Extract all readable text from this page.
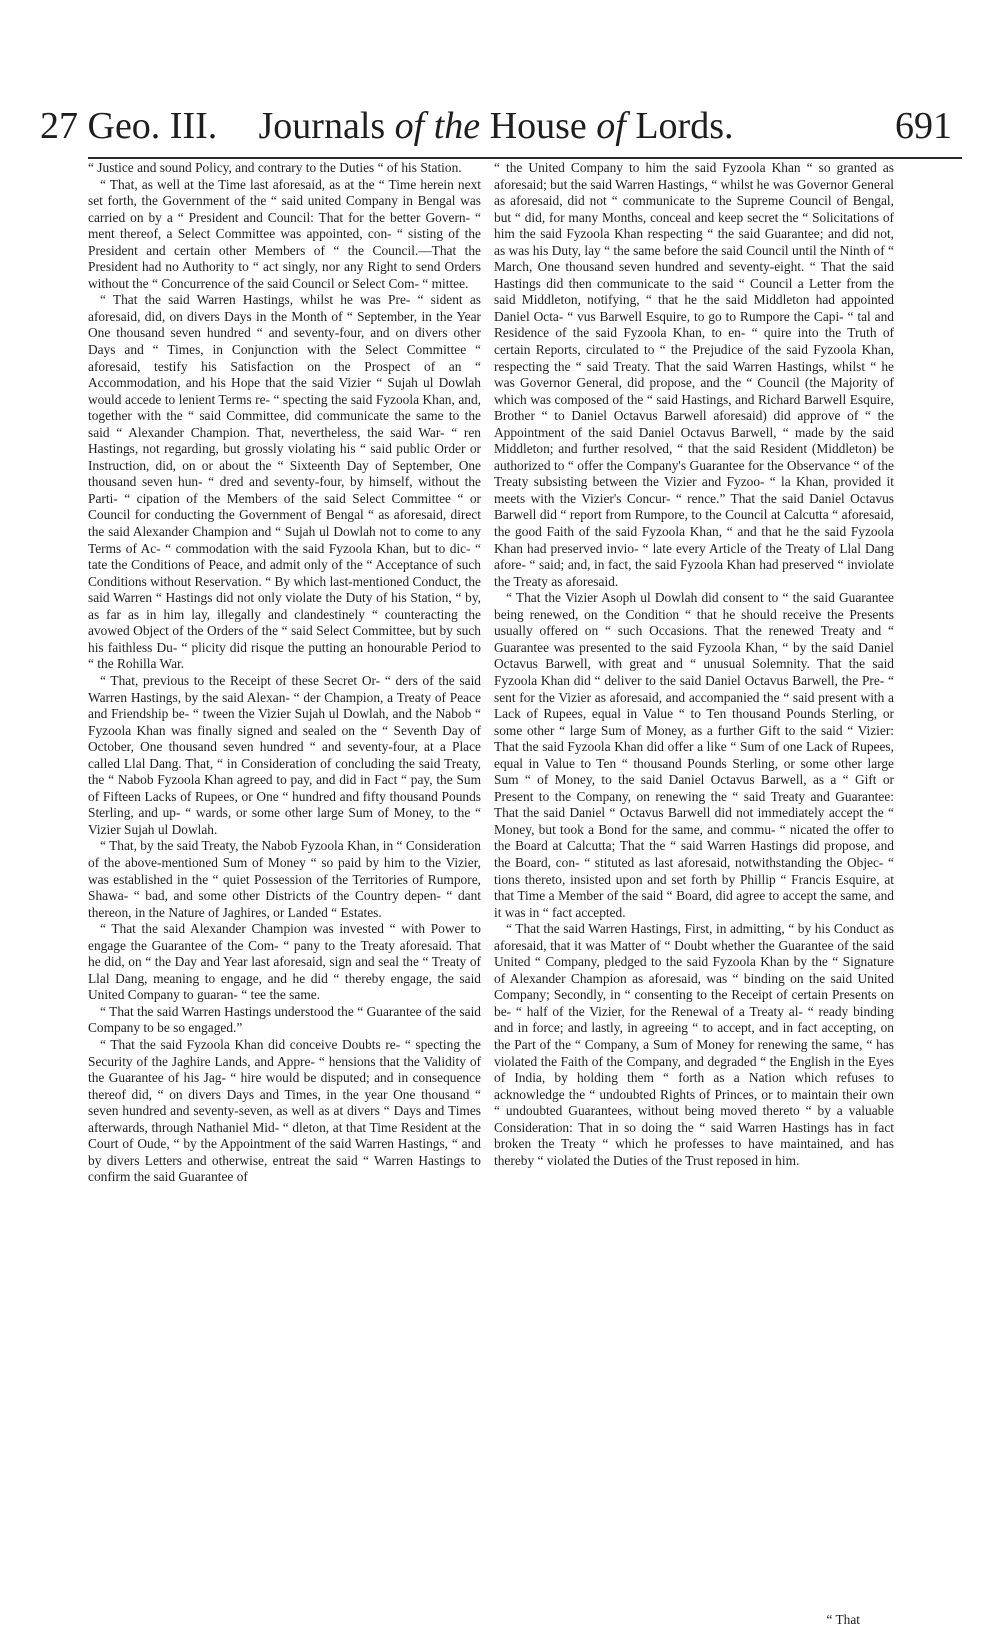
27 Geo. III.	Journals of the House of Lords.	691

“ Justice and sound Policy, and contrary to the Duties “ of his Station.

“ That, as well at the Time last aforesaid, as at the “ Time herein next set forth, the Government of the “ said united Company in Bengal was carried on by a “ President and Council: That for the better Govern- “ ment thereof, a Select Committee was appointed, con- “ sisting of the President and certain other Members of “ the Council.—That the President had no Authority to “ act singly, nor any Right to send Orders without the “ Concurrence of the said Council or Select Com- “ mittee.

“ That the said Warren Hastings, whilst he was Pre- “ sident as aforesaid, did, on divers Days in the Month of “ September, in the Year One thousand seven hundred “ and seventy-four, and on divers other Days and “ Times, in Conjunction with the Select Committee “ aforesaid, testify his Satisfaction on the Prospect of an “ Accommodation, and his Hope that the said Vizier “ Sujah ul Dowlah would accede to lenient Terms re- “ specting the said Fyzoola Khan, and, together with the “ said Committee, did communicate the same to the said “ Alexander Champion. That, nevertheless, the said War- “ ren Hastings, not regarding, but grossly violating his “ said public Order or Instruction, did, on or about the “ Sixteenth Day of September, One thousand seven hun- “ dred and seventy-four, by himself, without the Parti- “ cipation of the Members of the said Select Committee “ or Council for conducting the Government of Bengal “ as aforesaid, direct the said Alexander Champion and “ Sujah ul Dowlah not to come to any Terms of Ac- “ commodation with the said Fyzoola Khan, but to dic- “ tate the Conditions of Peace, and admit only of the “ Acceptance of such Conditions without Reservation. “ By which last-mentioned Conduct, the said Warren “ Hastings did not only violate the Duty of his Station, “ by, as far as in him lay, illegally and clandestinely “ counteracting the avowed Object of the Orders of the “ said Select Committee, but by such his faithless Du- “ plicity did risque the putting an honourable Period to “ the Rohilla War.

“ That, previous to the Receipt of these Secret Or- “ ders of the said Warren Hastings, by the said Alexan- “ der Champion, a Treaty of Peace and Friendship be- “ tween the Vizier Sujah ul Dowlah, and the Nabob “ Fyzoola Khan was finally signed and sealed on the “ Seventh Day of October, One thousand seven hundred “ and seventy-four, at a Place called Llal Dang. That, “ in Consideration of concluding the said Treaty, the “ Nabob Fyzoola Khan agreed to pay, and did in Fact “ pay, the Sum of Fifteen Lacks of Rupees, or One “ hundred and fifty thousand Pounds Sterling, and up- “ wards, or some other large Sum of Money, to the “ Vizier Sujah ul Dowlah.

“ That, by the said Treaty, the Nabob Fyzoola Khan, in “ Consideration of the above-mentioned Sum of Money “ so paid by him to the Vizier, was established in the “ quiet Possession of the Territories of Rumpore, Shawa- “ bad, and some other Districts of the Country depen- “ dant thereon, in the Nature of Jaghires, or Landed “ Estates.

“ That the said Alexander Champion was invested “ with Power to engage the Guarantee of the Com- “ pany to the Treaty aforesaid. That he did, on “ the Day and Year last aforesaid, sign and seal the “ Treaty of Llal Dang, meaning to engage, and he did “ thereby engage, the said United Company to guaran- “ tee the same.

“ That the said Warren Hastings understood the “ Guarantee of the said Company to be so engaged.”

“ That the said Fyzoola Khan did conceive Doubts re- “ specting the Security of the Jaghire Lands, and Appre- “ hensions that the Validity of the Guarantee of his Jag- “ hire would be disputed; and in consequence thereof did, “ on divers Days and Times, in the year One thousand “ seven hundred and seventy-seven, as well as at divers “ Days and Times afterwards, through Nathaniel Mid- “ dleton, at that Time Resident at the Court of Oude, “ by the Appointment of the said Warren Hastings, “ and by divers Letters and otherwise, entreat the said “ Warren Hastings to confirm the said Guarantee of

“ the United Company to him the said Fyzoola Khan “ so granted as aforesaid; but the said Warren Hastings, “ whilst he was Governor General as aforesaid, did not “ communicate to the Supreme Council of Bengal, but “ did, for many Months, conceal and keep secret the “ Solicitations of him the said Fyzoola Khan respecting “ the said Guarantee; and did not, as was his Duty, lay “ the same before the said Council until the Ninth of “ March, One thousand seven hundred and seventy-eight. “ That the said Hastings did then communicate to the said “ Council a Letter from the said Middleton, notifying, “ that he the said Middleton had appointed Daniel Octa- “ vus Barwell Esquire, to go to Rumpore the Capi- “ tal and Residence of the said Fyzoola Khan, to en- “ quire into the Truth of certain Reports, circulated to “ the Prejudice of the said Fyzoola Khan, respecting the “ said Treaty. That the said Warren Hastings, whilst “ he was Governor General, did propose, and the “ Council (the Majority of which was composed of the “ said Hastings, and Richard Barwell Esquire, Brother “ to Daniel Octavus Barwell aforesaid) did approve of “ the Appointment of the said Daniel Octavus Barwell, “ made by the said Middleton; and further resolved, “ that the said Resident (Middleton) be authorized to “ offer the Company's Guarantee for the Observance “ of the Treaty subsisting between the Vizier and Fyzoo- “ la Khan, provided it meets with the Vizier's Concur- “ rence.” That the said Daniel Octavus Barwell did “ report from Rumpore, to the Council at Calcutta “ aforesaid, the good Faith of the said Fyzoola Khan, “ and that he the said Fyzoola Khan had preserved invio- “ late every Article of the Treaty of Llal Dang afore- “ said; and, in fact, the said Fyzoola Khan had preserved “ inviolate the Treaty as aforesaid.

“ That the Vizier Asoph ul Dowlah did consent to “ the said Guarantee being renewed, on the Condition “ that he should receive the Presents usually offered on “ such Occasions. That the renewed Treaty and “ Guarantee was presented to the said Fyzoola Khan, “ by the said Daniel Octavus Barwell, with great and “ unusual Solemnity. That the said Fyzoola Khan did “ deliver to the said Daniel Octavus Barwell, the Pre- “ sent for the Vizier as aforesaid, and accompanied the “ said present with a Lack of Rupees, equal in Value “ to Ten thousand Pounds Sterling, or some other “ large Sum of Money, as a further Gift to the said “ Vizier: That the said Fyzoola Khan did offer a like “ Sum of one Lack of Rupees, equal in Value to Ten “ thousand Pounds Sterling, or some other large Sum “ of Money, to the said Daniel Octavus Barwell, as a “ Gift or Present to the Company, on renewing the “ said Treaty and Guarantee: That the said Daniel “ Octavus Barwell did not immediately accept the “ Money, but took a Bond for the same, and commu- “ nicated the offer to the Board at Calcutta; That the “ said Warren Hastings did propose, and the Board, con- “ stituted as last aforesaid, notwithstanding the Objec- “ tions thereto, insisted upon and set forth by Phillip “ Francis Esquire, at that Time a Member of the said “ Board, did agree to accept the same, and it was in “ fact accepted.

“ That the said Warren Hastings, First, in admitting, “ by his Conduct as aforesaid, that it was Matter of “ Doubt whether the Guarantee of the said United “ Company, pledged to the said Fyzoola Khan by the “ Signature of Alexander Champion as aforesaid, was “ binding on the said United Company; Secondly, in “ consenting to the Receipt of certain Presents on be- “ half of the Vizier, for the Renewal of a Treaty al- “ ready binding and in force; and lastly, in agreeing “ to accept, and in fact accepting, on the Part of the “ Company, a Sum of Money for renewing the same, “ has violated the Faith of the Company, and degraded “ the English in the Eyes of India, by holding them “ forth as a Nation which refuses to acknowledge the “ undoubted Rights of Princes, or to maintain their own “ undoubted Guarantees, without being moved thereto “ by a valuable Consideration: That in so doing the “ said Warren Hastings has in fact broken the Treaty “ which he professes to have maintained, and has thereby “ violated the Duties of the Trust reposed in him.

“ That
